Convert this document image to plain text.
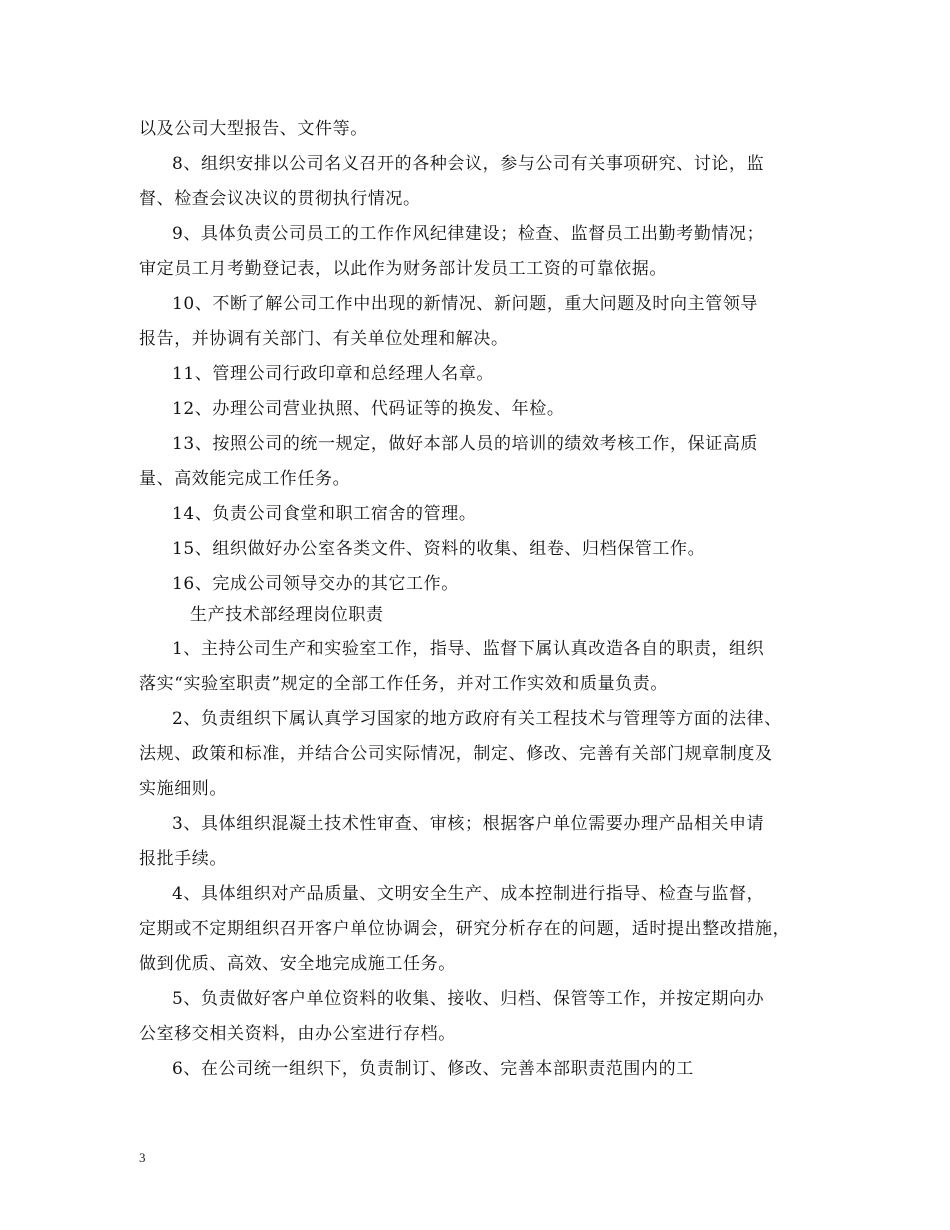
以及公司大型报告、文件等。
8、组织安排以公司名义召开的各种会议，参与公司有关事项研究、讨论，监
督、检查会议决议的贯彻执行情况。
9、具体负责公司员工的工作作风纪律建设；检查、监督员工出勤考勤情况；
审定员工月考勤登记表，以此作为财务部计发员工工资的可靠依据。
10、不断了解公司工作中出现的新情况、新问题，重大问题及时向主管领导
报告，并协调有关部门、有关单位处理和解决。
11、管理公司行政印章和总经理人名章。
12、办理公司营业执照、代码证等的换发、年检。
13、按照公司的统一规定，做好本部人员的培训的绩效考核工作，保证高质
量、高效能完成工作任务。
14、负责公司食堂和职工宿舍的管理。
15、组织做好办公室各类文件、资料的收集、组卷、归档保管工作。
16、完成公司领导交办的其它工作。
生产技术部经理岗位职责
1、主持公司生产和实验室工作，指导、监督下属认真改造各自的职责，组织
落实“实验室职责”规定的全部工作任务，并对工作实效和质量负责。
2、负责组织下属认真学习国家的地方政府有关工程技术与管理等方面的法律、
法规、政策和标准，并结合公司实际情况，制定、修改、完善有关部门规章制度及
实施细则。
3、具体组织混凝土技术性审查、审核；根据客户单位需要办理产品相关申请
报批手续。
4、具体组织对产品质量、文明安全生产、成本控制进行指导、检查与监督，
定期或不定期组织召开客户单位协调会，研究分析存在的问题，适时提出整改措施，
做到优质、高效、安全地完成施工任务。
5、负责做好客户单位资料的收集、接收、归档、保管等工作，并按定期向办
公室移交相关资料，由办公室进行存档。
6、在公司统一组织下，负责制订、修改、完善本部职责范围内的工
3
